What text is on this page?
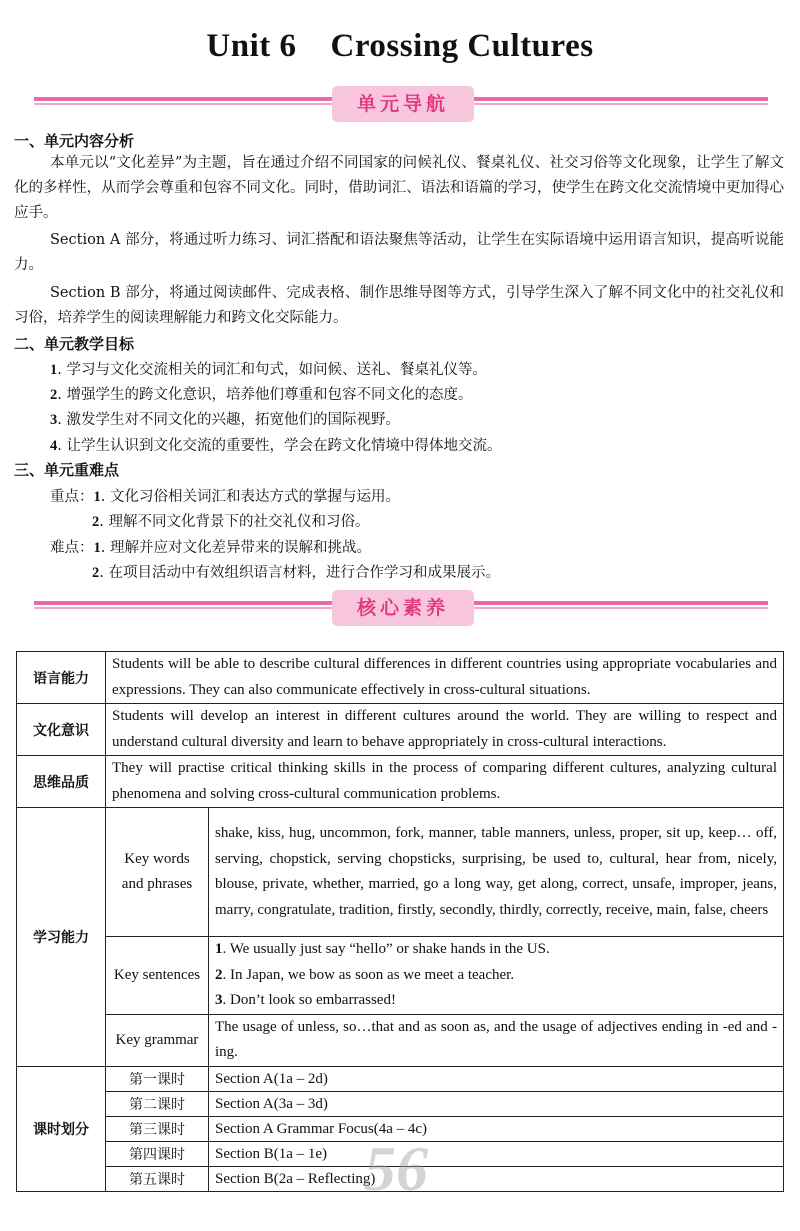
Unit 6 Crossing Cultures
单元导航
一、单元内容分析
本单元以“文化差异”为主题，旨在通过介绍不同国家的问候礼仪、餐桌礼仪、社交习俗等文化现象，让学生了解文化的多样性，从而学会尊重和包容不同文化。同时，借助词汇、语法和语篇的学习，使学生在跨文化交流情境中更加得心应手。
Section A 部分，将通过听力练习、词汇搭配和语法聚焦等活动，让学生在实际语境中运用语言知识，提高听说能力。
Section B 部分，将通过阅读邮件、完成表格、制作思维导图等方式，引导学生深入了解不同文化中的社交礼仪和习俗，培养学生的阅读理解能力和跨文化交际能力。
二、单元教学目标
1. 学习与文化交流相关的词汇和句式，如问候、送礼、餐桌礼仪等。
2. 增强学生的跨文化意识，培养他们尊重和包容不同文化的态度。
3. 激发学生对不同文化的兴趣，拓宽他们的国际视野。
4. 让学生认识到文化交流的重要性，学会在跨文化情境中得体地交流。
三、单元重难点
重点：1. 文化习俗相关词汇和表达方式的掌握与运用。
2. 理解不同文化背景下的社交礼仪和习俗。
难点：1. 理解并应对文化差异带来的误解和挑战。
2. 在项目活动中有效组织语言材料，进行合作学习和成果展示。
核心素养
语言能力	Students will be able to describe cultural differences in different countries using appropriate vocabularies and expressions. They can also communicate effectively in cross-cultural situations.	
文化意识	Students will develop an interest in different cultures around the world. They are willing to respect and understand cultural diversity and learn to behave appropriately in cross-cultural interactions.	
思维品质	They will practise critical thinking skills in the process of comparing different cultures, analyzing cultural phenomena and solving cross-cultural communication problems.	
学习能力	Key words and phrases	shake, kiss, hug, uncommon, fork, manner, table manners, unless, proper, sit up, keep… off, serving, chopstick, serving chopsticks, surprising, be used to, cultural, hear from, nicely, blouse, private, whether, married, go a long way, get along, correct, unsafe, improper, jeans, marry, congratulate, tradition, firstly, secondly, thirdly, correctly, receive, main, false, cheers
	Key sentences	1. We usually just say “hello” or shake hands in the US.
2. In Japan, we bow as soon as we meet a teacher.
3. Don’t look so embarrassed!

	Key grammar	The usage of unless, so…that and as soon as, and the usage of adjectives ending in -ed and -ing.
课时划分	第一课时	Section A(1a – 2d)
	第二课时	Section A(3a – 3d)
	第三课时	Section A Grammar Focus(4a – 4c)
	第四课时	Section B(1a – 1e)
	第五课时	Section B(2a – Reflecting)
56
